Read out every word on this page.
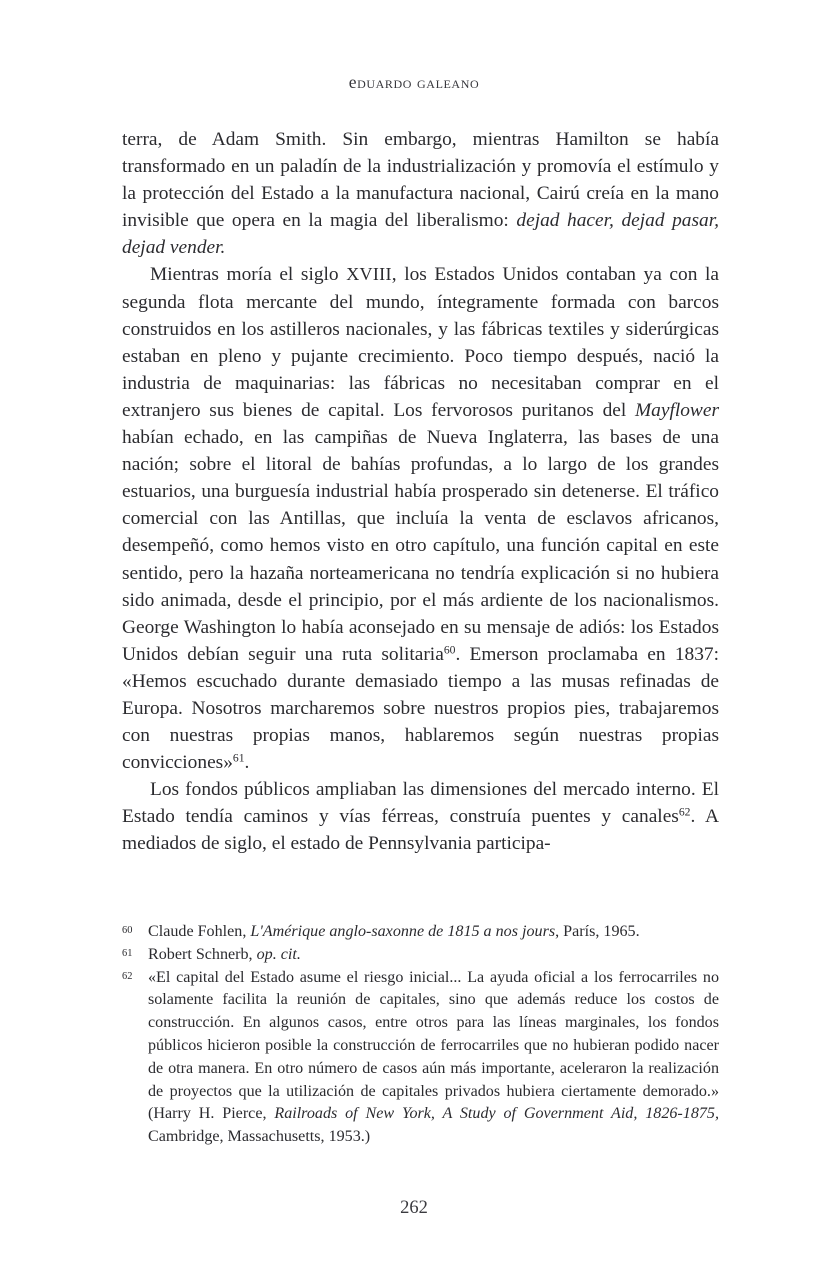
eduardo galeano

terra, de Adam Smith. Sin embargo, mientras Hamilton se había transformado en un paladín de la industrialización y promovía el estímulo y la protección del Estado a la manufactura nacional, Cairú creía en la mano invisible que opera en la magia del liberalismo: dejad hacer, dejad pasar, dejad vender.

Mientras moría el siglo XVIII, los Estados Unidos contaban ya con la segunda flota mercante del mundo, íntegramente formada con barcos construidos en los astilleros nacionales, y las fábricas textiles y siderúrgicas estaban en pleno y pujante crecimiento. Poco tiempo después, nació la industria de maquinarias: las fábricas no necesitaban comprar en el extranjero sus bienes de capital. Los fervorosos puritanos del Mayflower habían echado, en las campiñas de Nueva Inglaterra, las bases de una nación; sobre el litoral de bahías profundas, a lo largo de los grandes estuarios, una burguesía industrial había prosperado sin detenerse. El tráfico comercial con las Antillas, que incluía la venta de esclavos africanos, desempeñó, como hemos visto en otro capítulo, una función capital en este sentido, pero la hazaña norteamericana no tendría explicación si no hubiera sido animada, desde el principio, por el más ardiente de los nacionalismos. George Washington lo había aconsejado en su mensaje de adiós: los Estados Unidos debían seguir una ruta solitaria$^{60}$. Emerson proclamaba en 1837: «Hemos escuchado durante demasiado tiempo a las musas refinadas de Europa. Nosotros marcharemos sobre nuestros propios pies, trabajaremos con nuestras propias manos, hablaremos según nuestras propias convicciones»$^{61}$.

Los fondos públicos ampliaban las dimensiones del mercado interno. El Estado tendía caminos y vías férreas, construía puentes y canales$^{62}$. A mediados de siglo, el estado de Pennsylvania participa-

60 Claude Fohlen, L'Amérique anglo-saxonne de 1815 a nos jours, París, 1965.

61 Robert Schnerb, op. cit.

62 «El capital del Estado asume el riesgo inicial... La ayuda oficial a los ferrocarriles no solamente facilita la reunión de capitales, sino que además reduce los costos de construcción. En algunos casos, entre otros para las líneas marginales, los fondos públicos hicieron posible la construcción de ferrocarriles que no hubieran podido nacer de otra manera. En otro número de casos aún más importante, aceleraron la realización de proyectos que la utilización de capitales privados hubiera ciertamente demorado.» (Harry H. Pierce, Railroads of New York, A Study of Government Aid, 1826-1875, Cambridge, Massachusetts, 1953.)

262
